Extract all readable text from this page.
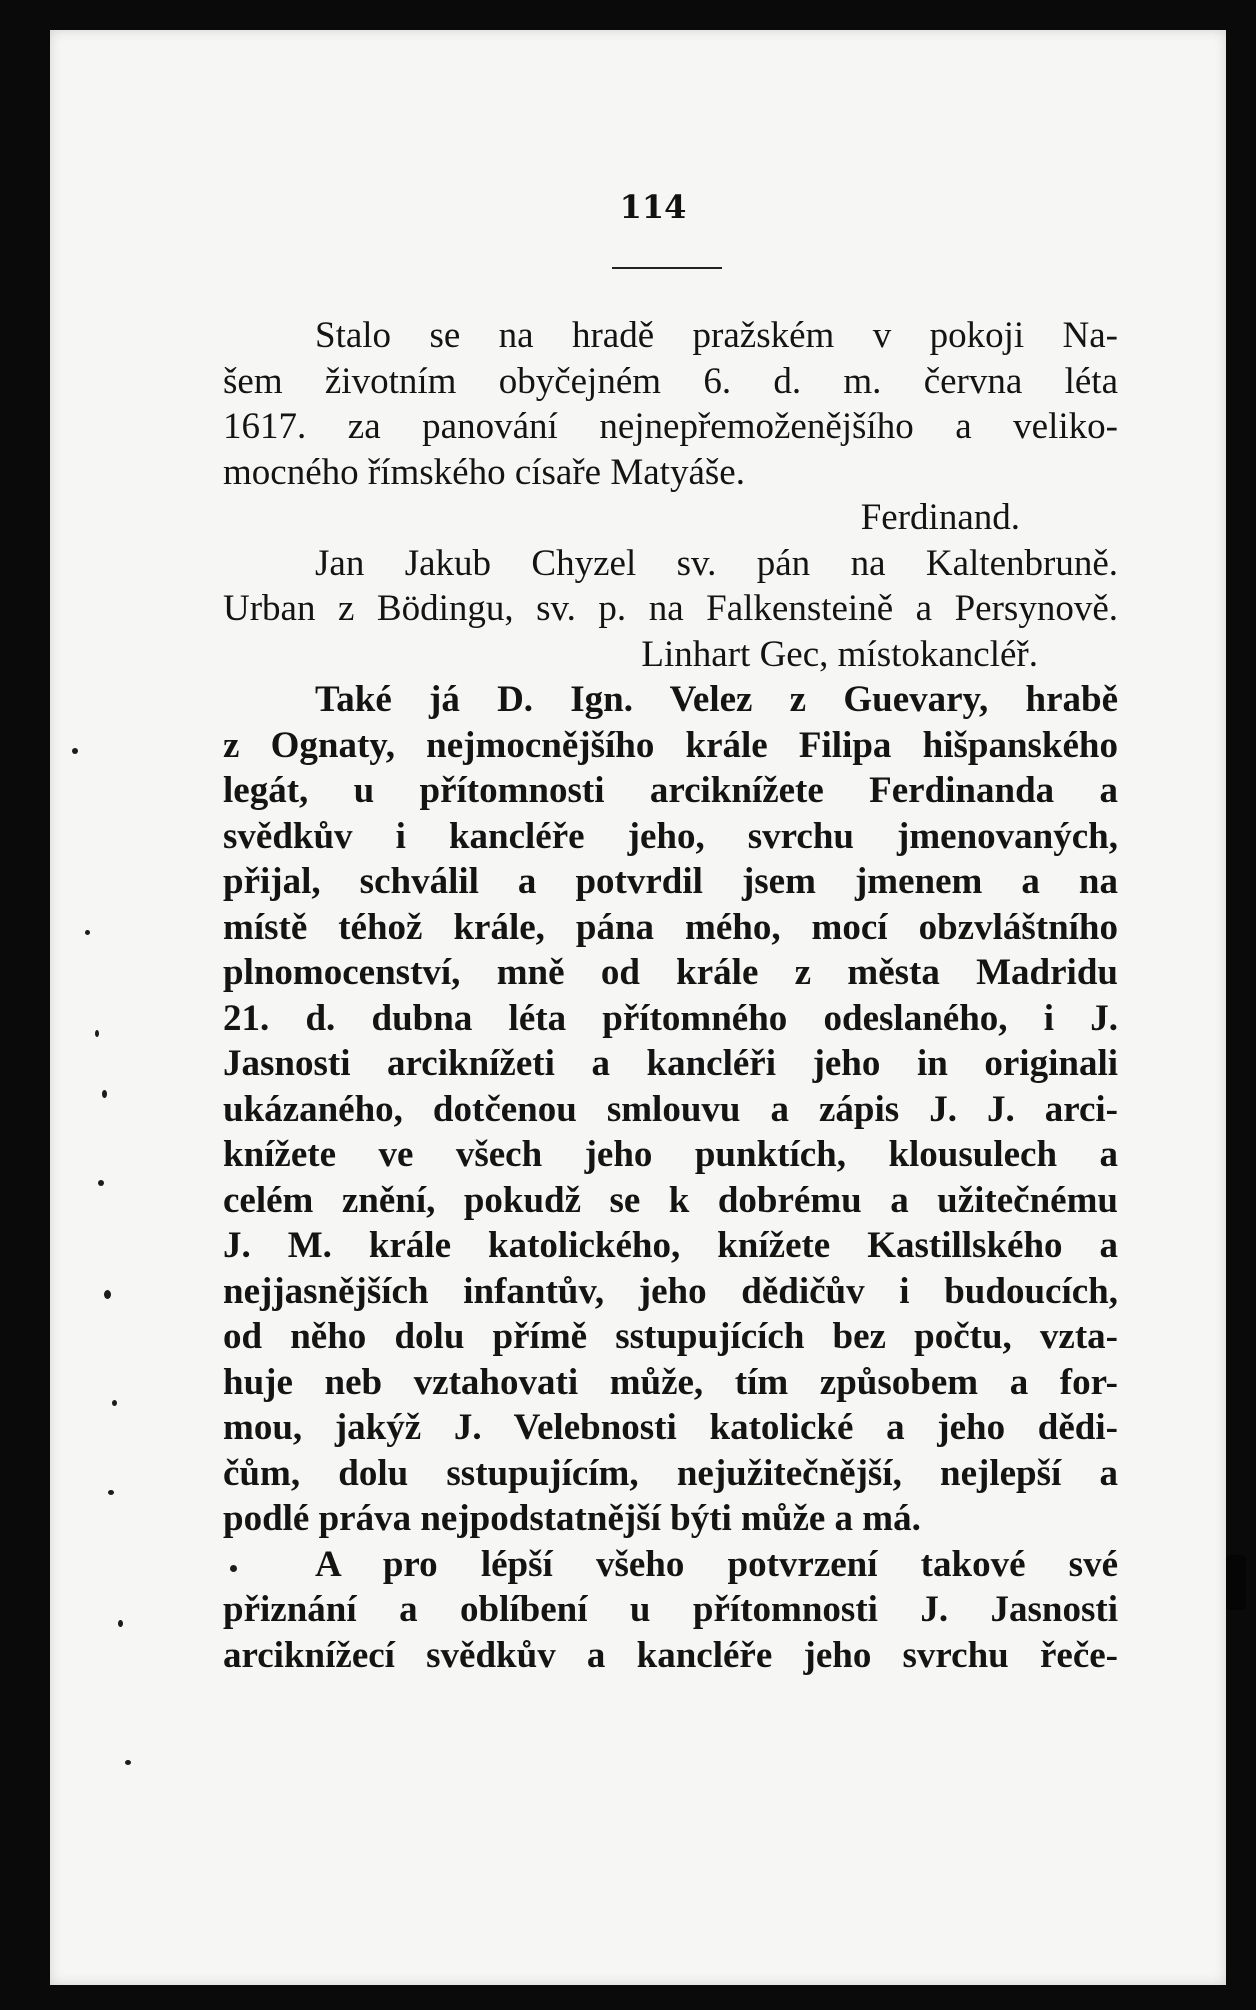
114
Stalo se na hradě pražském v pokoji Na-
šem životním obyčejném 6. d. m. června léta
1617. za panování nejnepřemoženějšího a veliko-
mocného římského císaře Matyáše.
Ferdinand.
Jan Jakub Chyzel sv. pán na Kaltenbruně.
Urban z Bödingu, sv. p. na Falkensteině a Persynově.
Linhart Gec, místokancléř.
Také já D. Ign. Velez z Guevary, hrabě
z Ognaty, nejmocnějšího krále Filipa hišpanského
legát, u přítomnosti arciknížete Ferdinanda a
svědkův i kancléře jeho, svrchu jmenovaných,
přijal, schválil a potvrdil jsem jmenem a na
místě téhož krále, pána mého, mocí obzvláštního
plnomocenství, mně od krále z města Madridu
21. d. dubna léta přítomného odeslaného, i J.
Jasnosti arciknížeti a kancléři jeho in originali
ukázaného, dotčenou smlouvu a zápis J. J. arci-
knížete ve všech jeho punktích, klousulech a
celém znění, pokudž se k dobrému a užitečnému
J. M. krále katolického, knížete Kastillského a
nejjasnějších infantův, jeho dědičův i budoucích,
od něho dolu přímě sstupujících bez počtu, vzta-
huje neb vztahovati může, tím způsobem a for-
mou, jakýž J. Velebnosti katolické a jeho dědi-
čům, dolu sstupujícím, nejužitečnější, nejlepší a
podlé práva nejpodstatnější býti může a má.
A pro lépší všeho potvrzení takové své
přiznání a oblíbení u přítomnosti J. Jasnosti
arciknížecí svědkův a kancléře jeho svrchu řeče-
